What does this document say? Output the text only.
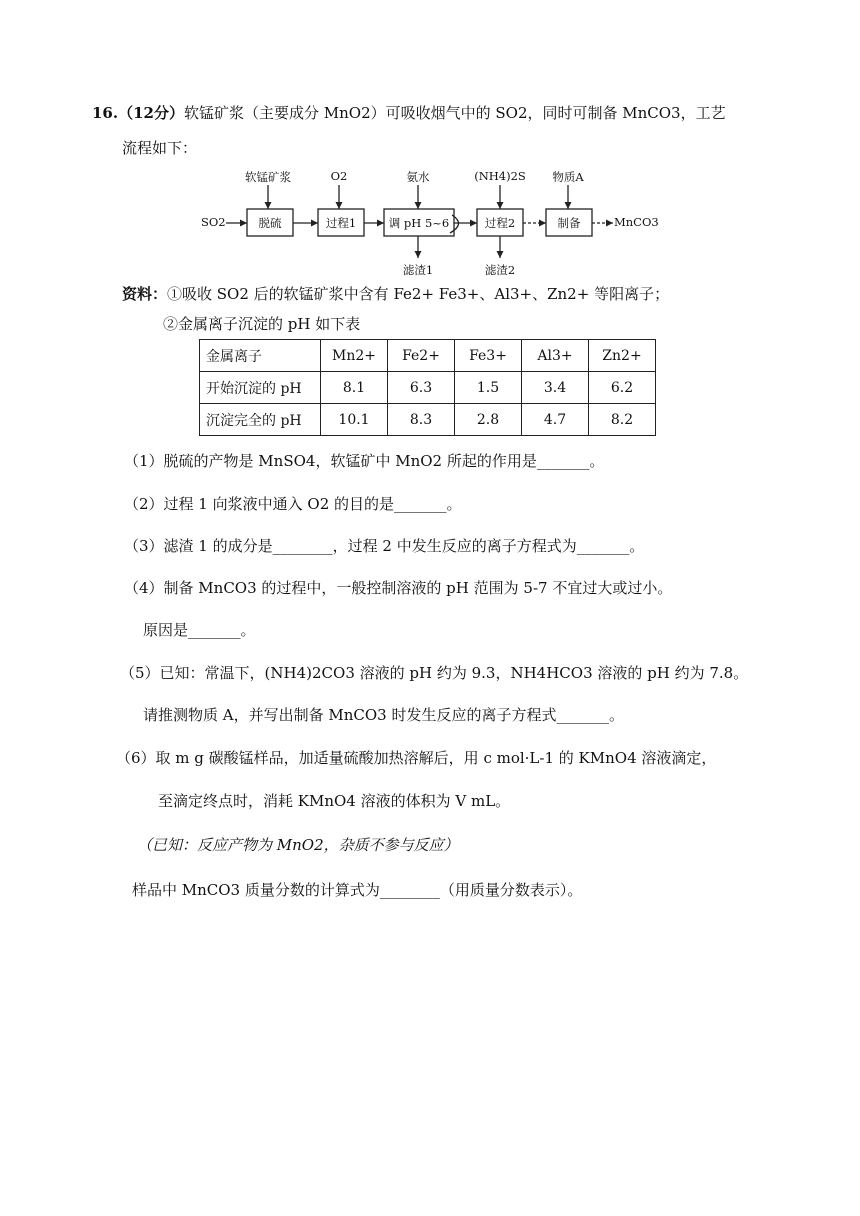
16.（12分）软锰矿浆（主要成分 MnO2）可吸收烟气中的 SO2，同时可制备 MnCO3，工艺
流程如下：
SO2	MnCO3
脱硫	过程1	调 pH 5~6	过程2	制备
软锰矿浆	O2	氨水	(NH4)2S	物质A
滤渣1	滤渣2
资料：①吸收 SO2 后的软锰矿浆中含有 Fe2+ Fe3+、Al3+、Zn2+ 等阳离子；
②金属离子沉淀的 pH 如下表
金属离子	Mn2+	Fe2+	Fe3+	Al3+	Zn2+
开始沉淀的 pH	8.1	6.3	1.5	3.4	6.2
沉淀完全的 pH	10.1	8.3	2.8	4.7	8.2
（1）脱硫的产物是 MnSO4，软锰矿中 MnO2 所起的作用是_______。
（2）过程 1 向浆液中通入 O2 的目的是_______。
（3）滤渣 1 的成分是________，过程 2 中发生反应的离子方程式为_______。
（4）制备 MnCO3 的过程中，一般控制溶液的 pH 范围为 5-7 不宜过大或过小。
原因是_______。
（5）已知：常温下，(NH4)2CO3 溶液的 pH 约为 9.3，NH4HCO3 溶液的 pH 约为 7.8。
请推测物质 A，并写出制备 MnCO3 时发生反应的离子方程式_______。
（6）取 m g 碳酸锰样品，加适量硫酸加热溶解后，用 c mol·L-1 的 KMnO4 溶液滴定，
至滴定终点时，消耗 KMnO4 溶液的体积为 V mL。
（已知：反应产物为 MnO2，杂质不参与反应）
样品中 MnCO3 质量分数的计算式为________（用质量分数表示）。
